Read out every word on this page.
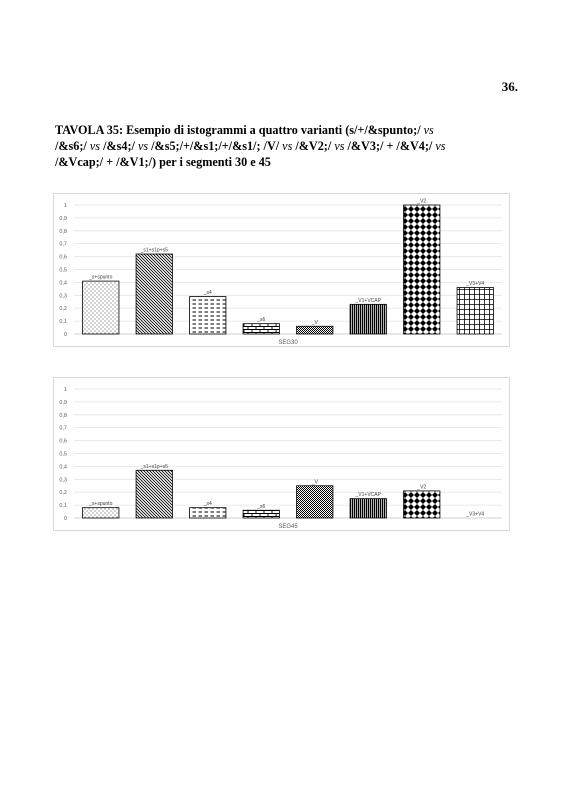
36.
TAVOLA 35: Esempio di istogrammi a quattro varianti (s/+/&spunto;/ vs
/&s6;/ vs /&s4;/ vs /&s5;/+/&s1;/+/&s1/; /V/ vs /&V2;/ vs /&V3;/ + /&V4;/ vs
/&Vcap;/ + /&V1;/) per i segmenti 30 e 45
0
0,1
0,2
0,3
0,4
0,5
0,6
0,7
0,8
0,9
1
_s+spunto
_s1+s1p+s5
_s4
_s6	_V
_V1+VCAP
_V2
_V3+V4
SEG30
0
0,1
0,2
0,3
0,4
0,5
0,6
0,7
0,8
0,9
1
_s+spunto
_s1+s1p+s5
_s4	_s6
_V
_V1+VCAP
_V2
_V3+V4
SEG45
